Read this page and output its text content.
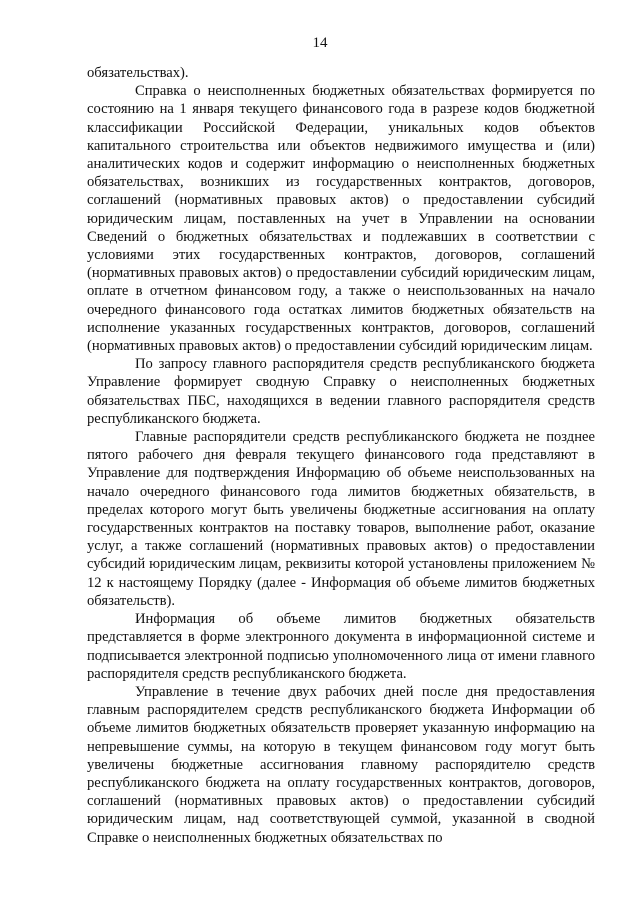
14

обязательствах).

Справка о неисполненных бюджетных обязательствах формируется по состоянию на 1 января текущего финансового года в разрезе кодов бюджетной классификации Российской Федерации, уникальных кодов объектов капитального строительства или объектов недвижимого имущества и (или) аналитических кодов и содержит информацию о неисполненных бюджетных обязательствах, возникших из государственных контрактов, договоров, соглашений (нормативных правовых актов) о предоставлении субсидий юридическим лицам, поставленных на учет в Управлении на основании Сведений о бюджетных обязательствах и подлежавших в соответствии с условиями этих государственных контрактов, договоров, соглашений (нормативных правовых актов) о предоставлении субсидий юридическим лицам, оплате в отчетном финансовом году, а также о неиспользованных на начало очередного финансового года остатках лимитов бюджетных обязательств на исполнение указанных государственных контрактов, договоров, соглашений (нормативных правовых актов) о предоставлении субсидий юридическим лицам.

По запросу главного распорядителя средств республиканского бюджета Управление формирует сводную Справку о неисполненных бюджетных обязательствах ПБС, находящихся в ведении главного распорядителя средств республиканского бюджета.

Главные распорядители средств республиканского бюджета не позднее пятого рабочего дня февраля текущего финансового года представляют в Управление для подтверждения Информацию об объеме неиспользованных на начало очередного финансового года лимитов бюджетных обязательств, в пределах которого могут быть увеличены бюджетные ассигнования на оплату государственных контрактов на поставку товаров, выполнение работ, оказание услуг, а также соглашений (нормативных правовых актов) о предоставлении субсидий юридическим лицам, реквизиты которой установлены приложением № 12 к настоящему Порядку (далее - Информация об объеме лимитов бюджетных обязательств).

Информация об объеме лимитов бюджетных обязательств представляется в форме электронного документа в информационной системе и подписывается электронной подписью уполномоченного лица от имени главного распорядителя средств республиканского бюджета.

Управление в течение двух рабочих дней после дня предоставления главным распорядителем средств республиканского бюджета Информации об объеме лимитов бюджетных обязательств проверяет указанную информацию на непревышение суммы, на которую в текущем финансовом году могут быть увеличены бюджетные ассигнования главному распорядителю средств республиканского бюджета на оплату государственных контрактов, договоров, соглашений (нормативных правовых актов) о предоставлении субсидий юридическим лицам, над соответствующей суммой, указанной в сводной Справке о неисполненных бюджетных обязательствах по
